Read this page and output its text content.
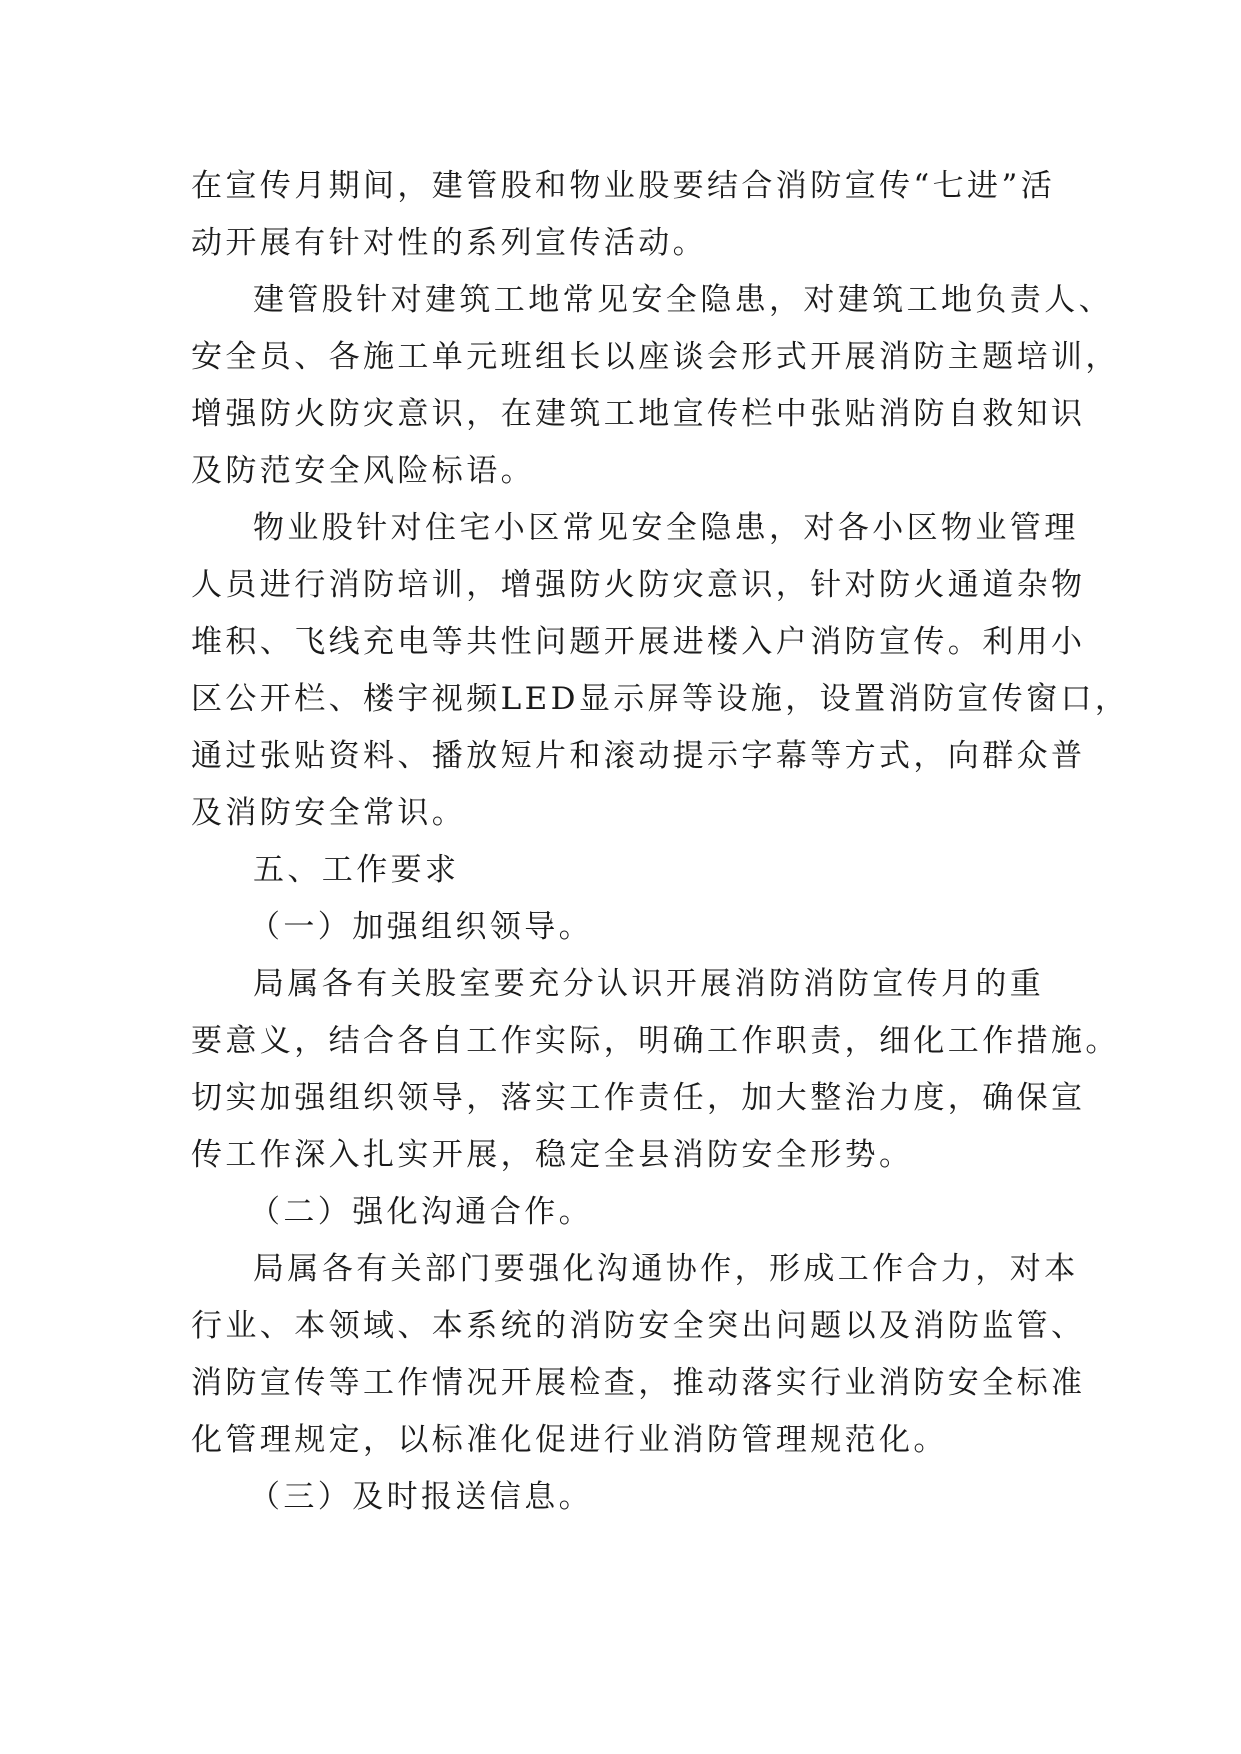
在宣传月期间，建管股和物业股要结合消防宣传“七进”活
动开展有针对性的系列宣传活动。
建管股针对建筑工地常见安全隐患，对建筑工地负责人、
安全员、各施工单元班组长以座谈会形式开展消防主题培训，
增强防火防灾意识，在建筑工地宣传栏中张贴消防自救知识
及防范安全风险标语。
物业股针对住宅小区常见安全隐患，对各小区物业管理
人员进行消防培训，增强防火防灾意识，针对防火通道杂物
堆积、飞线充电等共性问题开展进楼入户消防宣传。利用小
区公开栏、楼宇视频LED显示屏等设施，设置消防宣传窗口，
通过张贴资料、播放短片和滚动提示字幕等方式，向群众普
及消防安全常识。
五、工作要求
（一）加强组织领导。
局属各有关股室要充分认识开展消防消防宣传月的重
要意义，结合各自工作实际，明确工作职责，细化工作措施。
切实加强组织领导，落实工作责任，加大整治力度，确保宣
传工作深入扎实开展，稳定全县消防安全形势。
（二）强化沟通合作。
局属各有关部门要强化沟通协作，形成工作合力，对本
行业、本领域、本系统的消防安全突出问题以及消防监管、
消防宣传等工作情况开展检查，推动落实行业消防安全标准
化管理规定，以标准化促进行业消防管理规范化。
（三）及时报送信息。
